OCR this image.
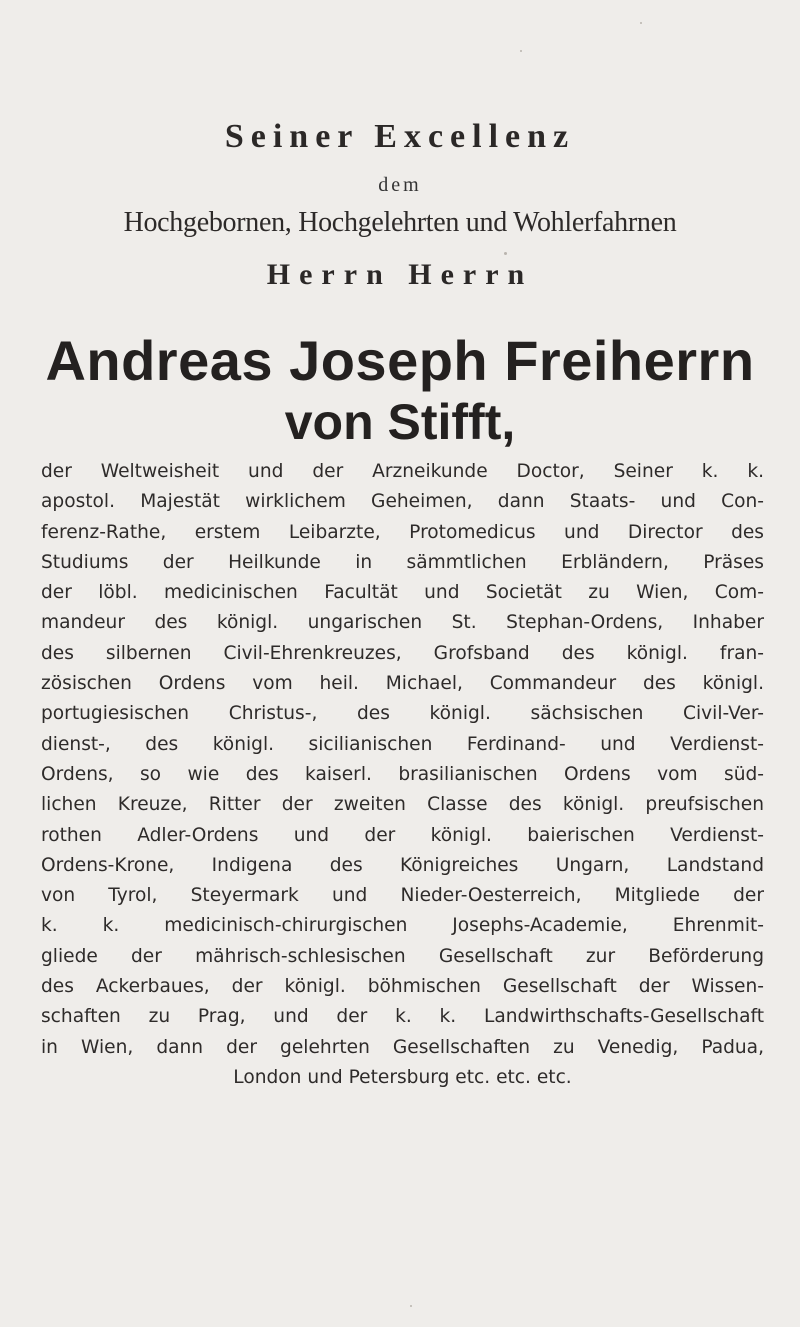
Seiner Excellenz
dem
Hochgebornen, Hochgelehrten und Wohlerfahrnen
Herrn Herrn
Andreas Joseph Freiherrn
von Stifft,
der Weltweisheit und der Arzneikunde Doctor, Seiner k. k.
apostol. Majestät wirklichem Geheimen, dann Staats- und Con-
ferenz-Rathe, erstem Leibarzte, Protomedicus und Director des
Studiums der Heilkunde in sämmtlichen Erbländern, Präses
der löbl. medicinischen Facultät und Societät zu Wien, Com-
mandeur des königl. ungarischen St. Stephan-Ordens, Inhaber
des silbernen Civil-Ehrenkreuzes, Grofsband des königl. fran-
zösischen Ordens vom heil. Michael, Commandeur des königl.
portugiesischen Christus-, des königl. sächsischen Civil-Ver-
dienst-, des königl. sicilianischen Ferdinand- und Verdienst-
Ordens, so wie des kaiserl. brasilianischen Ordens vom süd-
lichen Kreuze, Ritter der zweiten Classe des königl. preufsischen
rothen Adler-Ordens und der königl. baierischen Verdienst-
Ordens-Krone, Indigena des Königreiches Ungarn, Landstand
von Tyrol, Steyermark und Nieder-Oesterreich, Mitgliede der
k. k. medicinisch-chirurgischen Josephs-Academie, Ehrenmit-
gliede der mährisch-schlesischen Gesellschaft zur Beförderung
des Ackerbaues, der königl. böhmischen Gesellschaft der Wissen-
schaften zu Prag, und der k. k. Landwirthschafts-Gesellschaft
in Wien, dann der gelehrten Gesellschaften zu Venedig, Padua,
London und Petersburg etc. etc. etc.
